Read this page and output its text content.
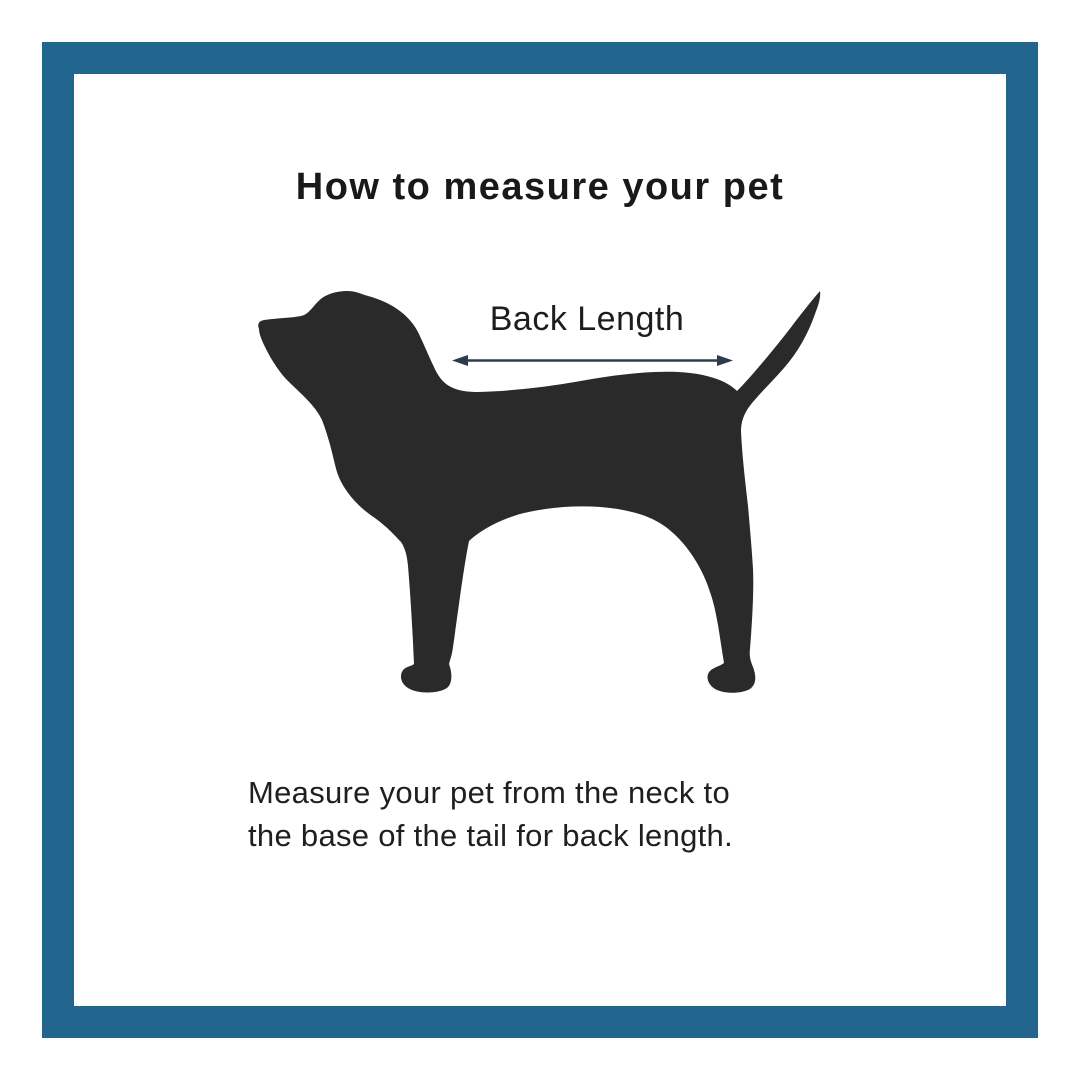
How to measure your pet
Back Length
Measure your pet from the neck to
the base of the tail for back length.
